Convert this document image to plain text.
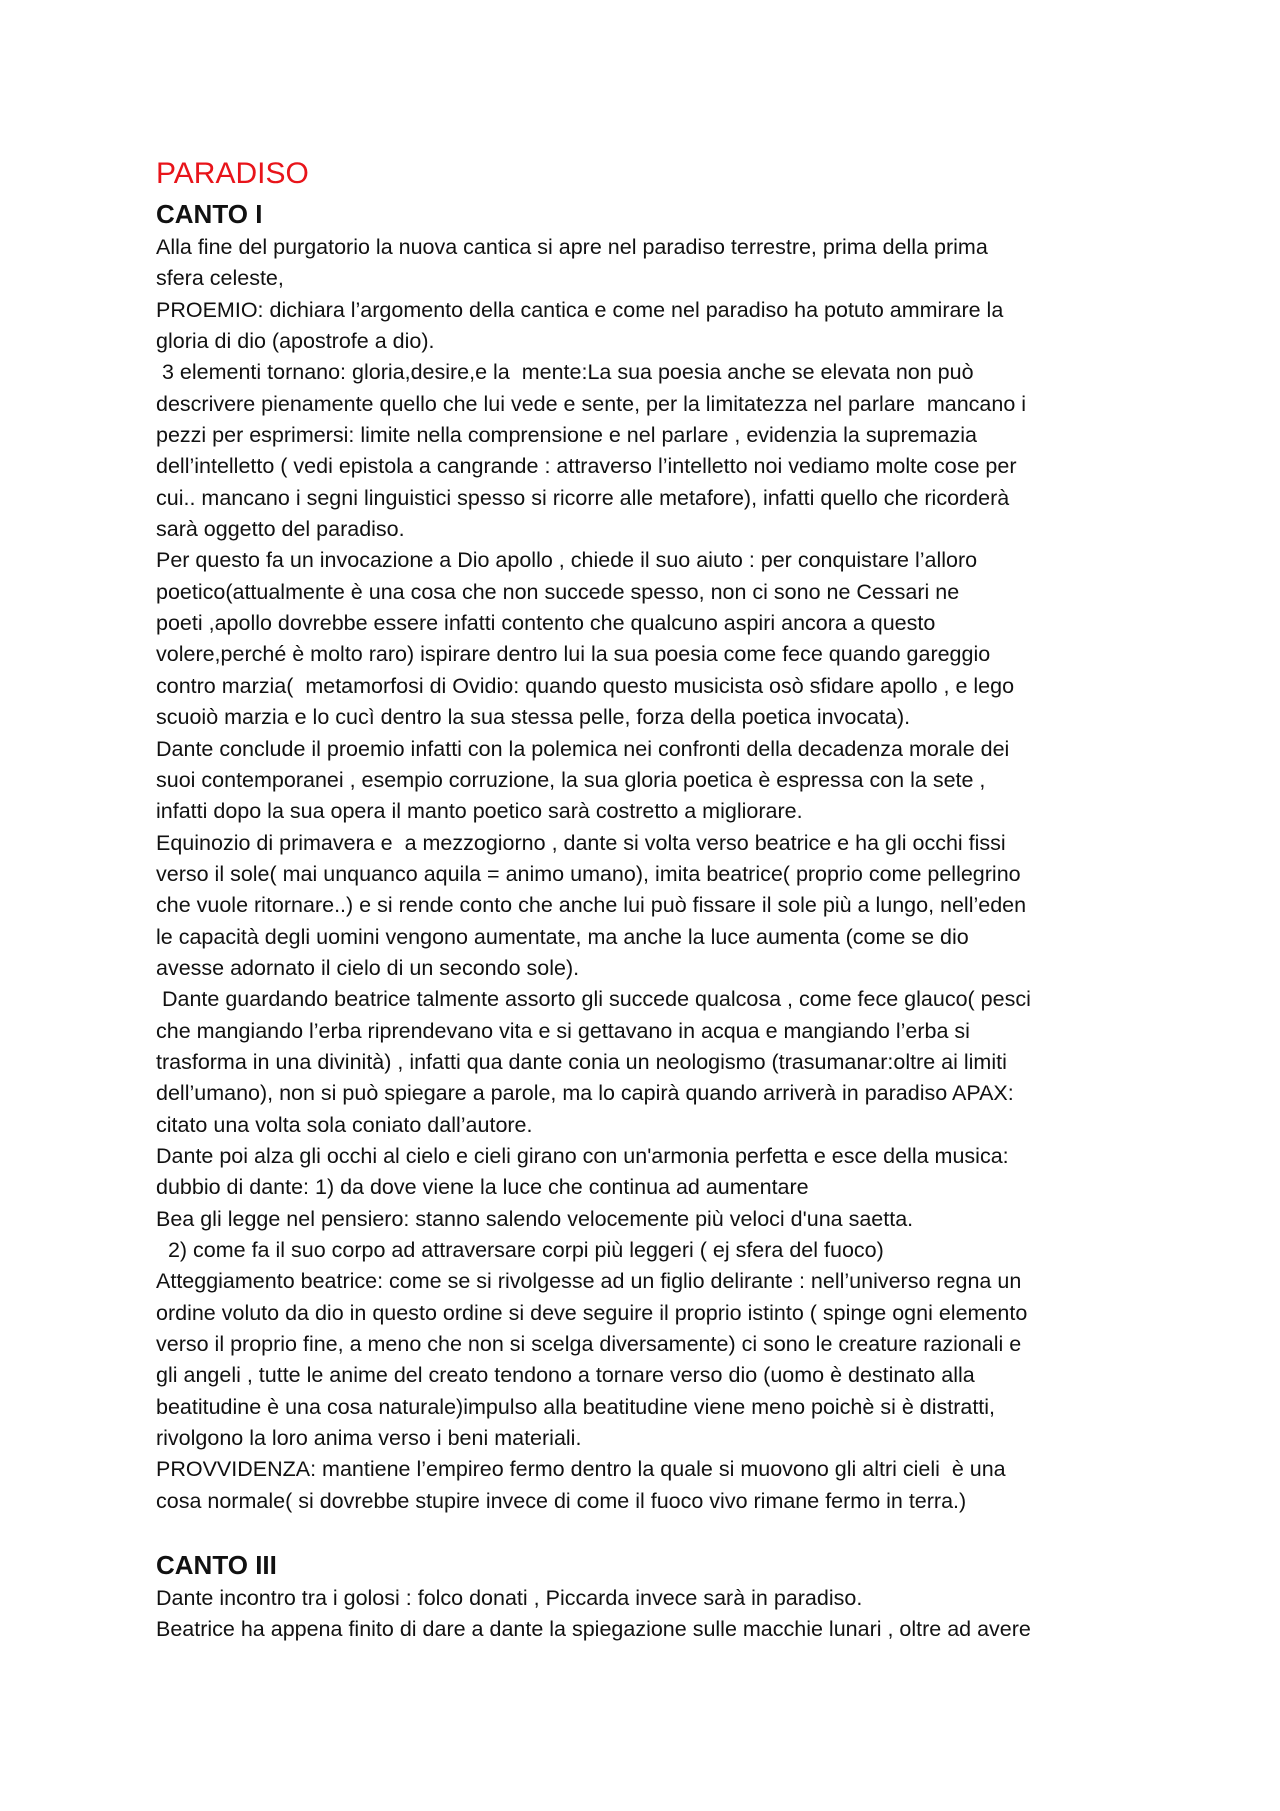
PARADISO
CANTO I

Alla fine del purgatorio la nuova cantica si apre nel paradiso terrestre, prima della prima
sfera celeste,
PROEMIO: dichiara l’argomento della cantica e come nel paradiso ha potuto ammirare la
gloria di dio (apostrofe a dio).
3 elementi tornano: gloria,desire,e la  mente:La sua poesia anche se elevata non può
descrivere pienamente quello che lui vede e sente, per la limitatezza nel parlare  mancano i
pezzi per esprimersi: limite nella comprensione e nel parlare , evidenzia la supremazia
dell’intelletto ( vedi epistola a cangrande : attraverso l’intelletto noi vediamo molte cose per
cui.. mancano i segni linguistici spesso si ricorre alle metafore), infatti quello che ricorderà
sarà oggetto del paradiso.
Per questo fa un invocazione a Dio apollo , chiede il suo aiuto : per conquistare l’alloro
poetico(attualmente è una cosa che non succede spesso, non ci sono ne Cessari ne
poeti ,apollo dovrebbe essere infatti contento che qualcuno aspiri ancora a questo
volere,perché è molto raro) ispirare dentro lui la sua poesia come fece quando gareggio
contro marzia(  metamorfosi di Ovidio: quando questo musicista osò sfidare apollo , e lego
scuoiò marzia e lo cucì dentro la sua stessa pelle, forza della poetica invocata).
Dante conclude il proemio infatti con la polemica nei confronti della decadenza morale dei
suoi contemporanei , esempio corruzione, la sua gloria poetica è espressa con la sete ,
infatti dopo la sua opera il manto poetico sarà costretto a migliorare.
Equinozio di primavera e  a mezzogiorno , dante si volta verso beatrice e ha gli occhi fissi
verso il sole( mai unquanco aquila = animo umano), imita beatrice( proprio come pellegrino
che vuole ritornare..) e si rende conto che anche lui può fissare il sole più a lungo, nell’eden
le capacità degli uomini vengono aumentate, ma anche la luce aumenta (come se dio
avesse adornato il cielo di un secondo sole).
Dante guardando beatrice talmente assorto gli succede qualcosa , come fece glauco( pesci
che mangiando l’erba riprendevano vita e si gettavano in acqua e mangiando l’erba si
trasforma in una divinità) , infatti qua dante conia un neologismo (trasumanar:oltre ai limiti
dell’umano), non si può spiegare a parole, ma lo capirà quando arriverà in paradiso APAX:
citato una volta sola coniato dall’autore.
Dante poi alza gli occhi al cielo e cieli girano con un'armonia perfetta e esce della musica:
dubbio di dante: 1) da dove viene la luce che continua ad aumentare
Bea gli legge nel pensiero: stanno salendo velocemente più veloci d'una saetta.
2) come fa il suo corpo ad attraversare corpi più leggeri ( ej sfera del fuoco)
Atteggiamento beatrice: come se si rivolgesse ad un figlio delirante : nell’universo regna un
ordine voluto da dio in questo ordine si deve seguire il proprio istinto ( spinge ogni elemento
verso il proprio fine, a meno che non si scelga diversamente) ci sono le creature razionali e
gli angeli , tutte le anime del creato tendono a tornare verso dio (uomo è destinato alla
beatitudine è una cosa naturale)impulso alla beatitudine viene meno poichè si è distratti,
rivolgono la loro anima verso i beni materiali.
PROVVIDENZA: mantiene l’empireo fermo dentro la quale si muovono gli altri cieli  è una
cosa normale( si dovrebbe stupire invece di come il fuoco vivo rimane fermo in terra.)

CANTO III

Dante incontro tra i golosi : folco donati , Piccarda invece sarà in paradiso.
Beatrice ha appena finito di dare a dante la spiegazione sulle macchie lunari , oltre ad avere
